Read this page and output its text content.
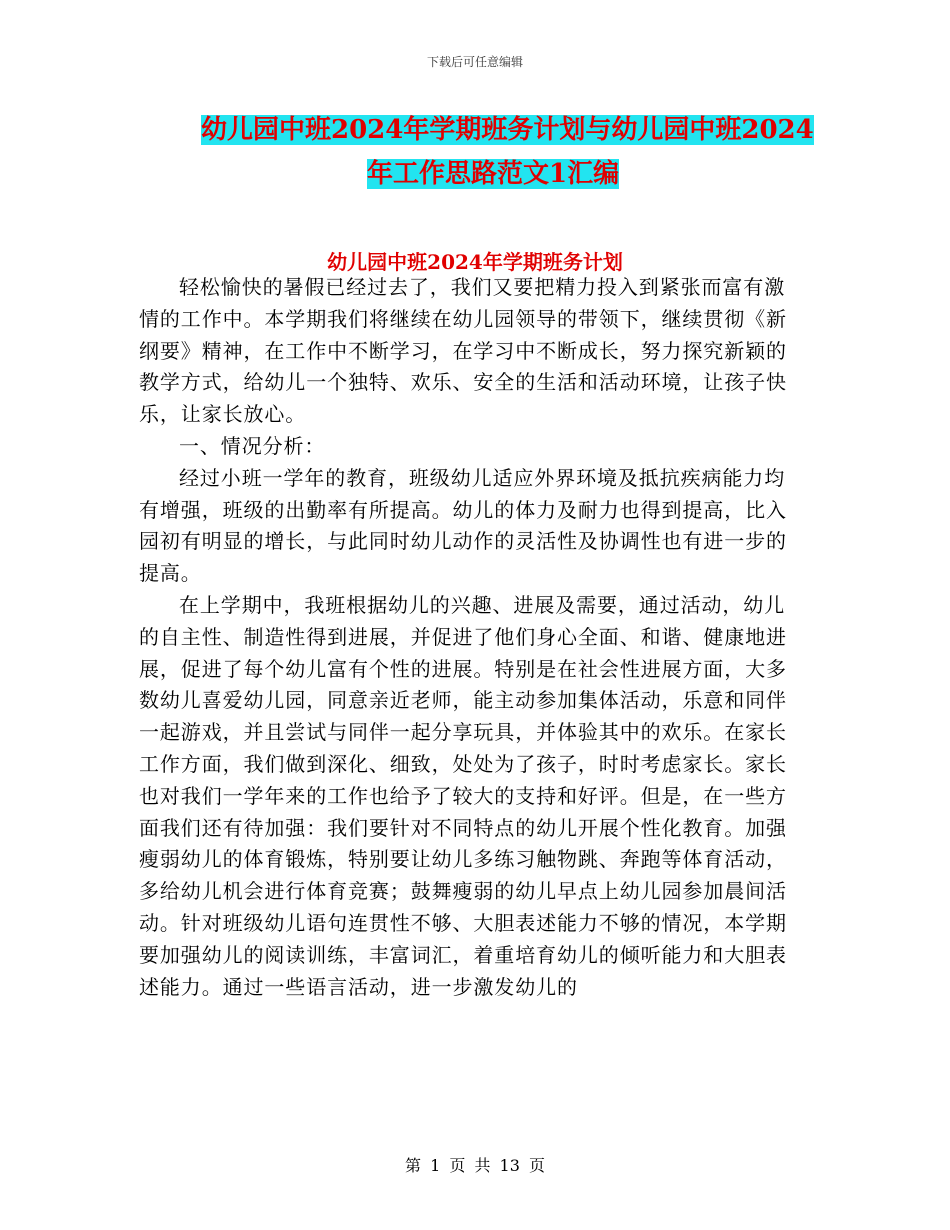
下载后可任意编辑
幼儿园中班2024年学期班务计划与幼儿园中班2024
年工作思路范文1汇编
幼儿园中班2024年学期班务计划

轻松愉快的暑假已经过去了，我们又要把精力投入到紧张而富有激情的工作中。本学期我们将继续在幼儿园领导的带领下，继续贯彻《新纲要》精神，在工作中不断学习，在学习中不断成长，努力探究新颖的教学方式，给幼儿一个独特、欢乐、安全的生活和活动环境，让孩子快乐，让家长放心。

一、情况分析：

经过小班一学年的教育，班级幼儿适应外界环境及抵抗疾病能力均有增强，班级的出勤率有所提高。幼儿的体力及耐力也得到提高，比入园初有明显的增长，与此同时幼儿动作的灵活性及协调性也有进一步的提高。

在上学期中，我班根据幼儿的兴趣、进展及需要，通过活动，幼儿的自主性、制造性得到进展，并促进了他们身心全面、和谐、健康地进展，促进了每个幼儿富有个性的进展。特别是在社会性进展方面，大多数幼儿喜爱幼儿园，同意亲近老师，能主动参加集体活动，乐意和同伴一起游戏，并且尝试与同伴一起分享玩具，并体验其中的欢乐。在家长工作方面，我们做到深化、细致，处处为了孩子，时时考虑家长。家长也对我们一学年来的工作也给予了较大的支持和好评。但是，在一些方面我们还有待加强：我们要针对不同特点的幼儿开展个性化教育。加强瘦弱幼儿的体育锻炼，特别要让幼儿多练习触物跳、奔跑等体育活动，多给幼儿机会进行体育竞赛；鼓舞瘦弱的幼儿早点上幼儿园参加晨间活动。针对班级幼儿语句连贯性不够、大胆表述能力不够的情况，本学期要加强幼儿的阅读训练，丰富词汇，着重培育幼儿的倾听能力和大胆表述能力。通过一些语言活动，进一步激发幼儿的

第 1 页 共 13 页
